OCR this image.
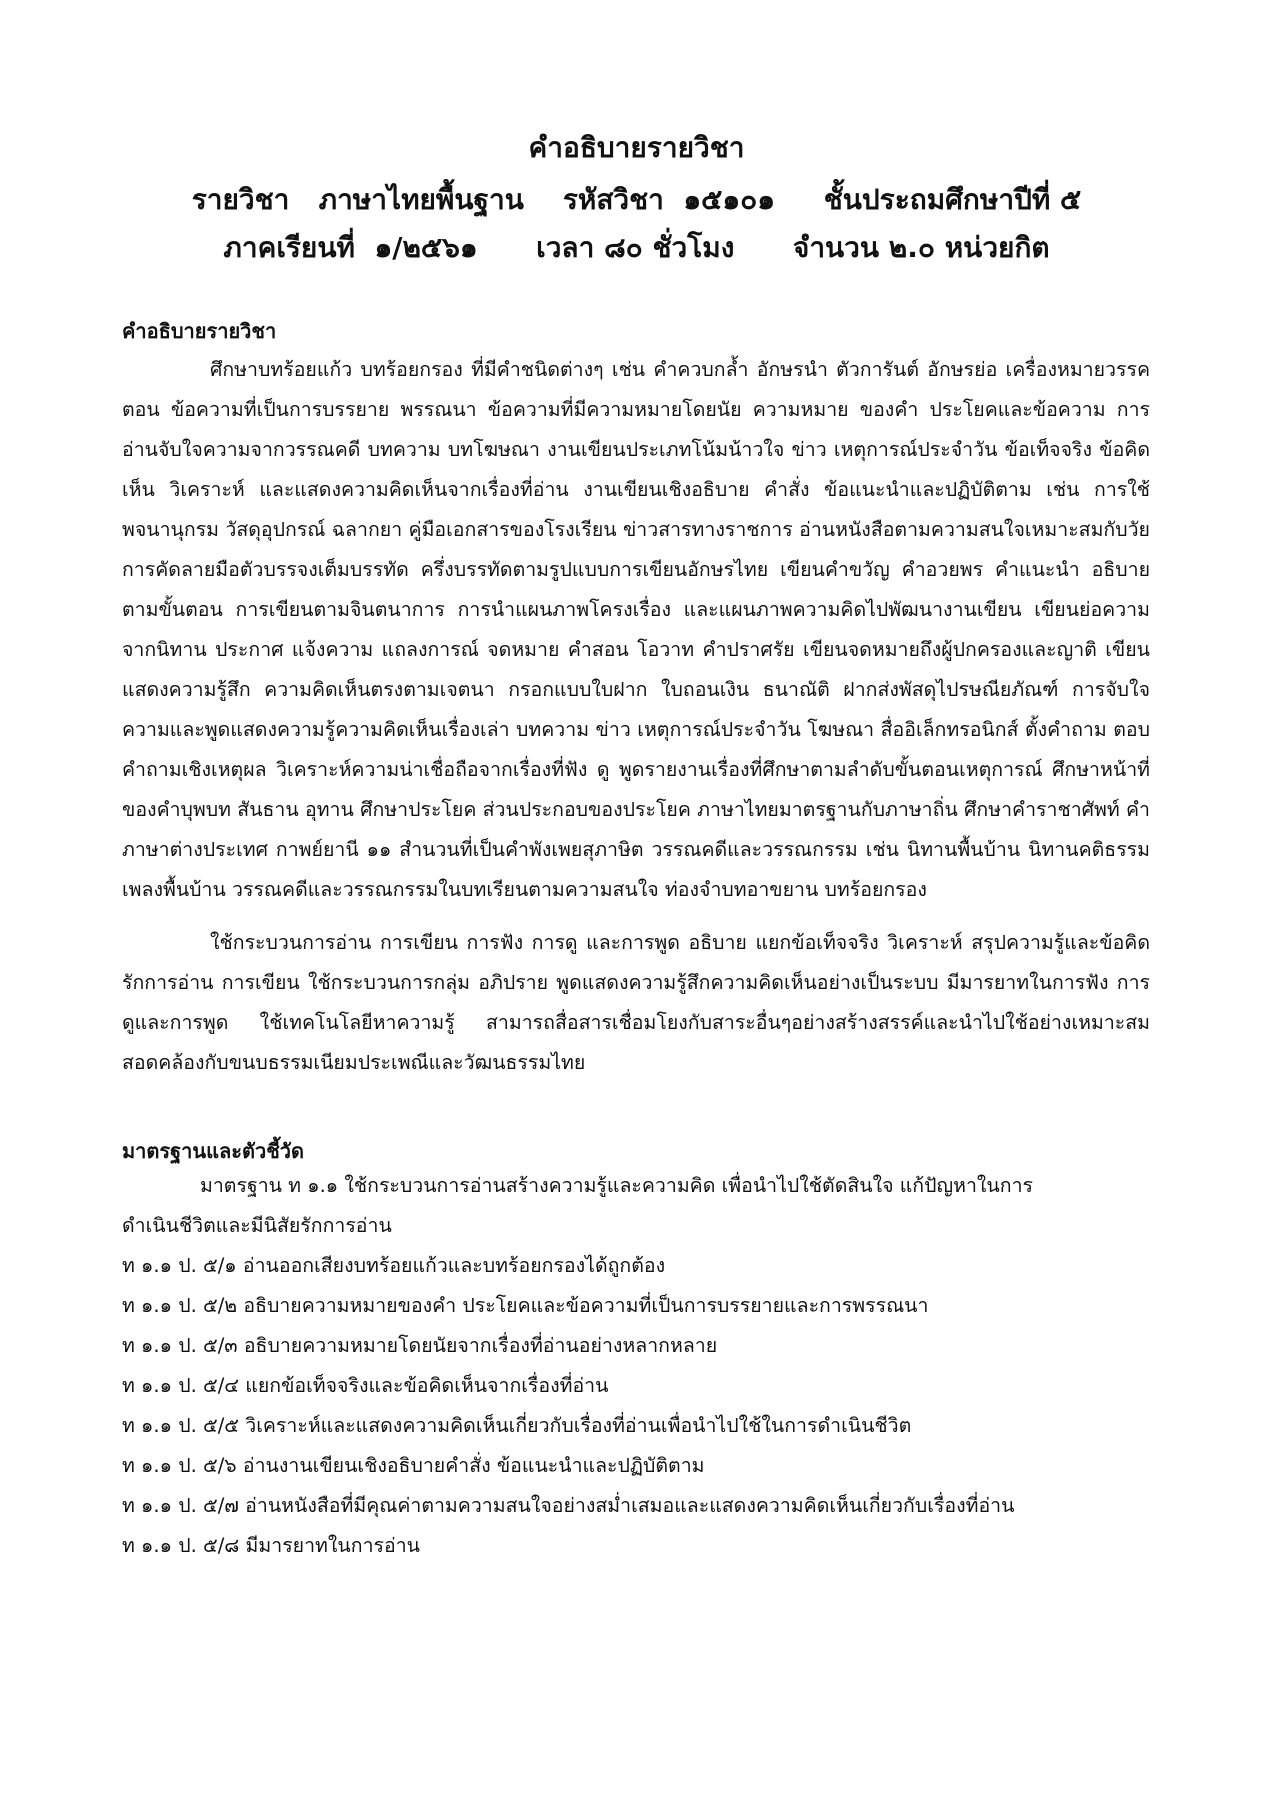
คำอธิบายรายวิชา
รายวิชา ภาษาไทยพื้นฐาน รหัสวิชา ๑๕๑๐๑ ชั้นประถมศึกษาปีที่ ๕
ภาคเรียนที่ ๑/๒๕๖๑ เวลา ๘๐ ชั่วโมง จำนวน ๒.๐ หน่วยกิต
คำอธิบายรายวิชา
ศึกษาบทร้อยแก้ว บทร้อยกรอง ที่มีคำชนิดต่างๆ เช่น คำควบกล้ำ อักษรนำ ตัวการันต์ อักษรย่อ เครื่องหมายวรรคตอน ข้อความที่เป็นการบรรยาย พรรณนา ข้อความที่มีความหมายโดยนัย ความหมาย ของคำ ประโยคและข้อความ การอ่านจับใจความจากวรรณคดี บทความ บทโฆษณา งานเขียนประเภทโน้มน้าวใจ ข่าว เหตุการณ์ประจำวัน ข้อเท็จจริง ข้อคิดเห็น วิเคราะห์ และแสดงความคิดเห็นจากเรื่องที่อ่าน งานเขียนเชิงอธิบาย คำสั่ง ข้อแนะนำและปฏิบัติตาม เช่น การใช้พจนานุกรม วัสดุอุปกรณ์ ฉลากยา คู่มือเอกสารของโรงเรียน ข่าวสารทางราชการ อ่านหนังสือตามความสนใจเหมาะสมกับวัย การคัดลายมือตัวบรรจงเต็มบรรทัด ครึ่งบรรทัดตามรูปแบบการเขียนอักษรไทย เขียนคำขวัญ คำอวยพร คำแนะนำ อธิบายตามขั้นตอน การเขียนตามจินตนาการ การนำแผนภาพโครงเรื่อง และแผนภาพความคิดไปพัฒนางานเขียน เขียนย่อความจากนิทาน ประกาศ แจ้งความ แถลงการณ์ จดหมาย คำสอน โอวาท คำปราศรัย เขียนจดหมายถึงผู้ปกครองและญาติ เขียนแสดงความรู้สึก ความคิดเห็นตรงตามเจตนา กรอกแบบใบฝาก ใบถอนเงิน ธนาณัติ ฝากส่งพัสดุไปรษณียภัณฑ์ การจับใจความและพูดแสดงความรู้ความคิดเห็นเรื่องเล่า บทความ ข่าว เหตุการณ์ประจำวัน โฆษณา สื่ออิเล็กทรอนิกส์ ตั้งคำถาม ตอบคำถามเชิงเหตุผล วิเคราะห์ความน่าเชื่อถือจากเรื่องที่ฟัง ดู พูดรายงานเรื่องที่ศึกษาตามลำดับขั้นตอนเหตุการณ์ ศึกษาหน้าที่ของคำบุพบท สันธาน อุทาน ศึกษาประโยค ส่วนประกอบของประโยค ภาษาไทยมาตรฐานกับภาษาถิ่น ศึกษาคำราชาศัพท์ คำภาษาต่างประเทศ กาพย์ยานี ๑๑ สำนวนที่เป็นคำพังเพยสุภาษิต วรรณคดีและวรรณกรรม เช่น นิทานพื้นบ้าน นิทานคติธรรม เพลงพื้นบ้าน วรรณคดีและวรรณกรรมในบทเรียนตามความสนใจ ท่องจำบทอาขยาน บทร้อยกรอง
ใช้กระบวนการอ่าน การเขียน การฟัง การดู และการพูด อธิบาย แยกข้อเท็จจริง วิเคราะห์ สรุปความรู้และข้อคิด รักการอ่าน การเขียน ใช้กระบวนการกลุ่ม อภิปราย พูดแสดงความรู้สึกความคิดเห็นอย่างเป็นระบบ มีมารยาทในการฟัง การดูและการพูด ใช้เทคโนโลยีหาความรู้ สามารถสื่อสารเชื่อมโยงกับสาระอื่นๆอย่างสร้างสรรค์และนำไปใช้อย่างเหมาะสม สอดคล้องกับขนบธรรมเนียมประเพณีและวัฒนธรรมไทย
มาตรฐานและตัวชี้วัด
มาตรฐาน ท ๑.๑ ใช้กระบวนการอ่านสร้างความรู้และความคิด เพื่อนำไปใช้ตัดสินใจ แก้ปัญหาในการ
ดำเนินชีวิตและมีนิสัยรักการอ่าน
ท ๑.๑ ป. ๕/๑ อ่านออกเสียงบทร้อยแก้วและบทร้อยกรองได้ถูกต้อง
ท ๑.๑ ป. ๕/๒ อธิบายความหมายของคำ ประโยคและข้อความที่เป็นการบรรยายและการพรรณนา
ท ๑.๑ ป. ๕/๓ อธิบายความหมายโดยนัยจากเรื่องที่อ่านอย่างหลากหลาย
ท ๑.๑ ป. ๕/๔ แยกข้อเท็จจริงและข้อคิดเห็นจากเรื่องที่อ่าน
ท ๑.๑ ป. ๕/๕ วิเคราะห์และแสดงความคิดเห็นเกี่ยวกับเรื่องที่อ่านเพื่อนำไปใช้ในการดำเนินชีวิต
ท ๑.๑ ป. ๕/๖ อ่านงานเขียนเชิงอธิบายคำสั่ง ข้อแนะนำและปฏิบัติตาม
ท ๑.๑ ป. ๕/๗ อ่านหนังสือที่มีคุณค่าตามความสนใจอย่างสม่ำเสมอและแสดงความคิดเห็นเกี่ยวกับเรื่องที่อ่าน
ท ๑.๑ ป. ๕/๘ มีมารยาทในการอ่าน
